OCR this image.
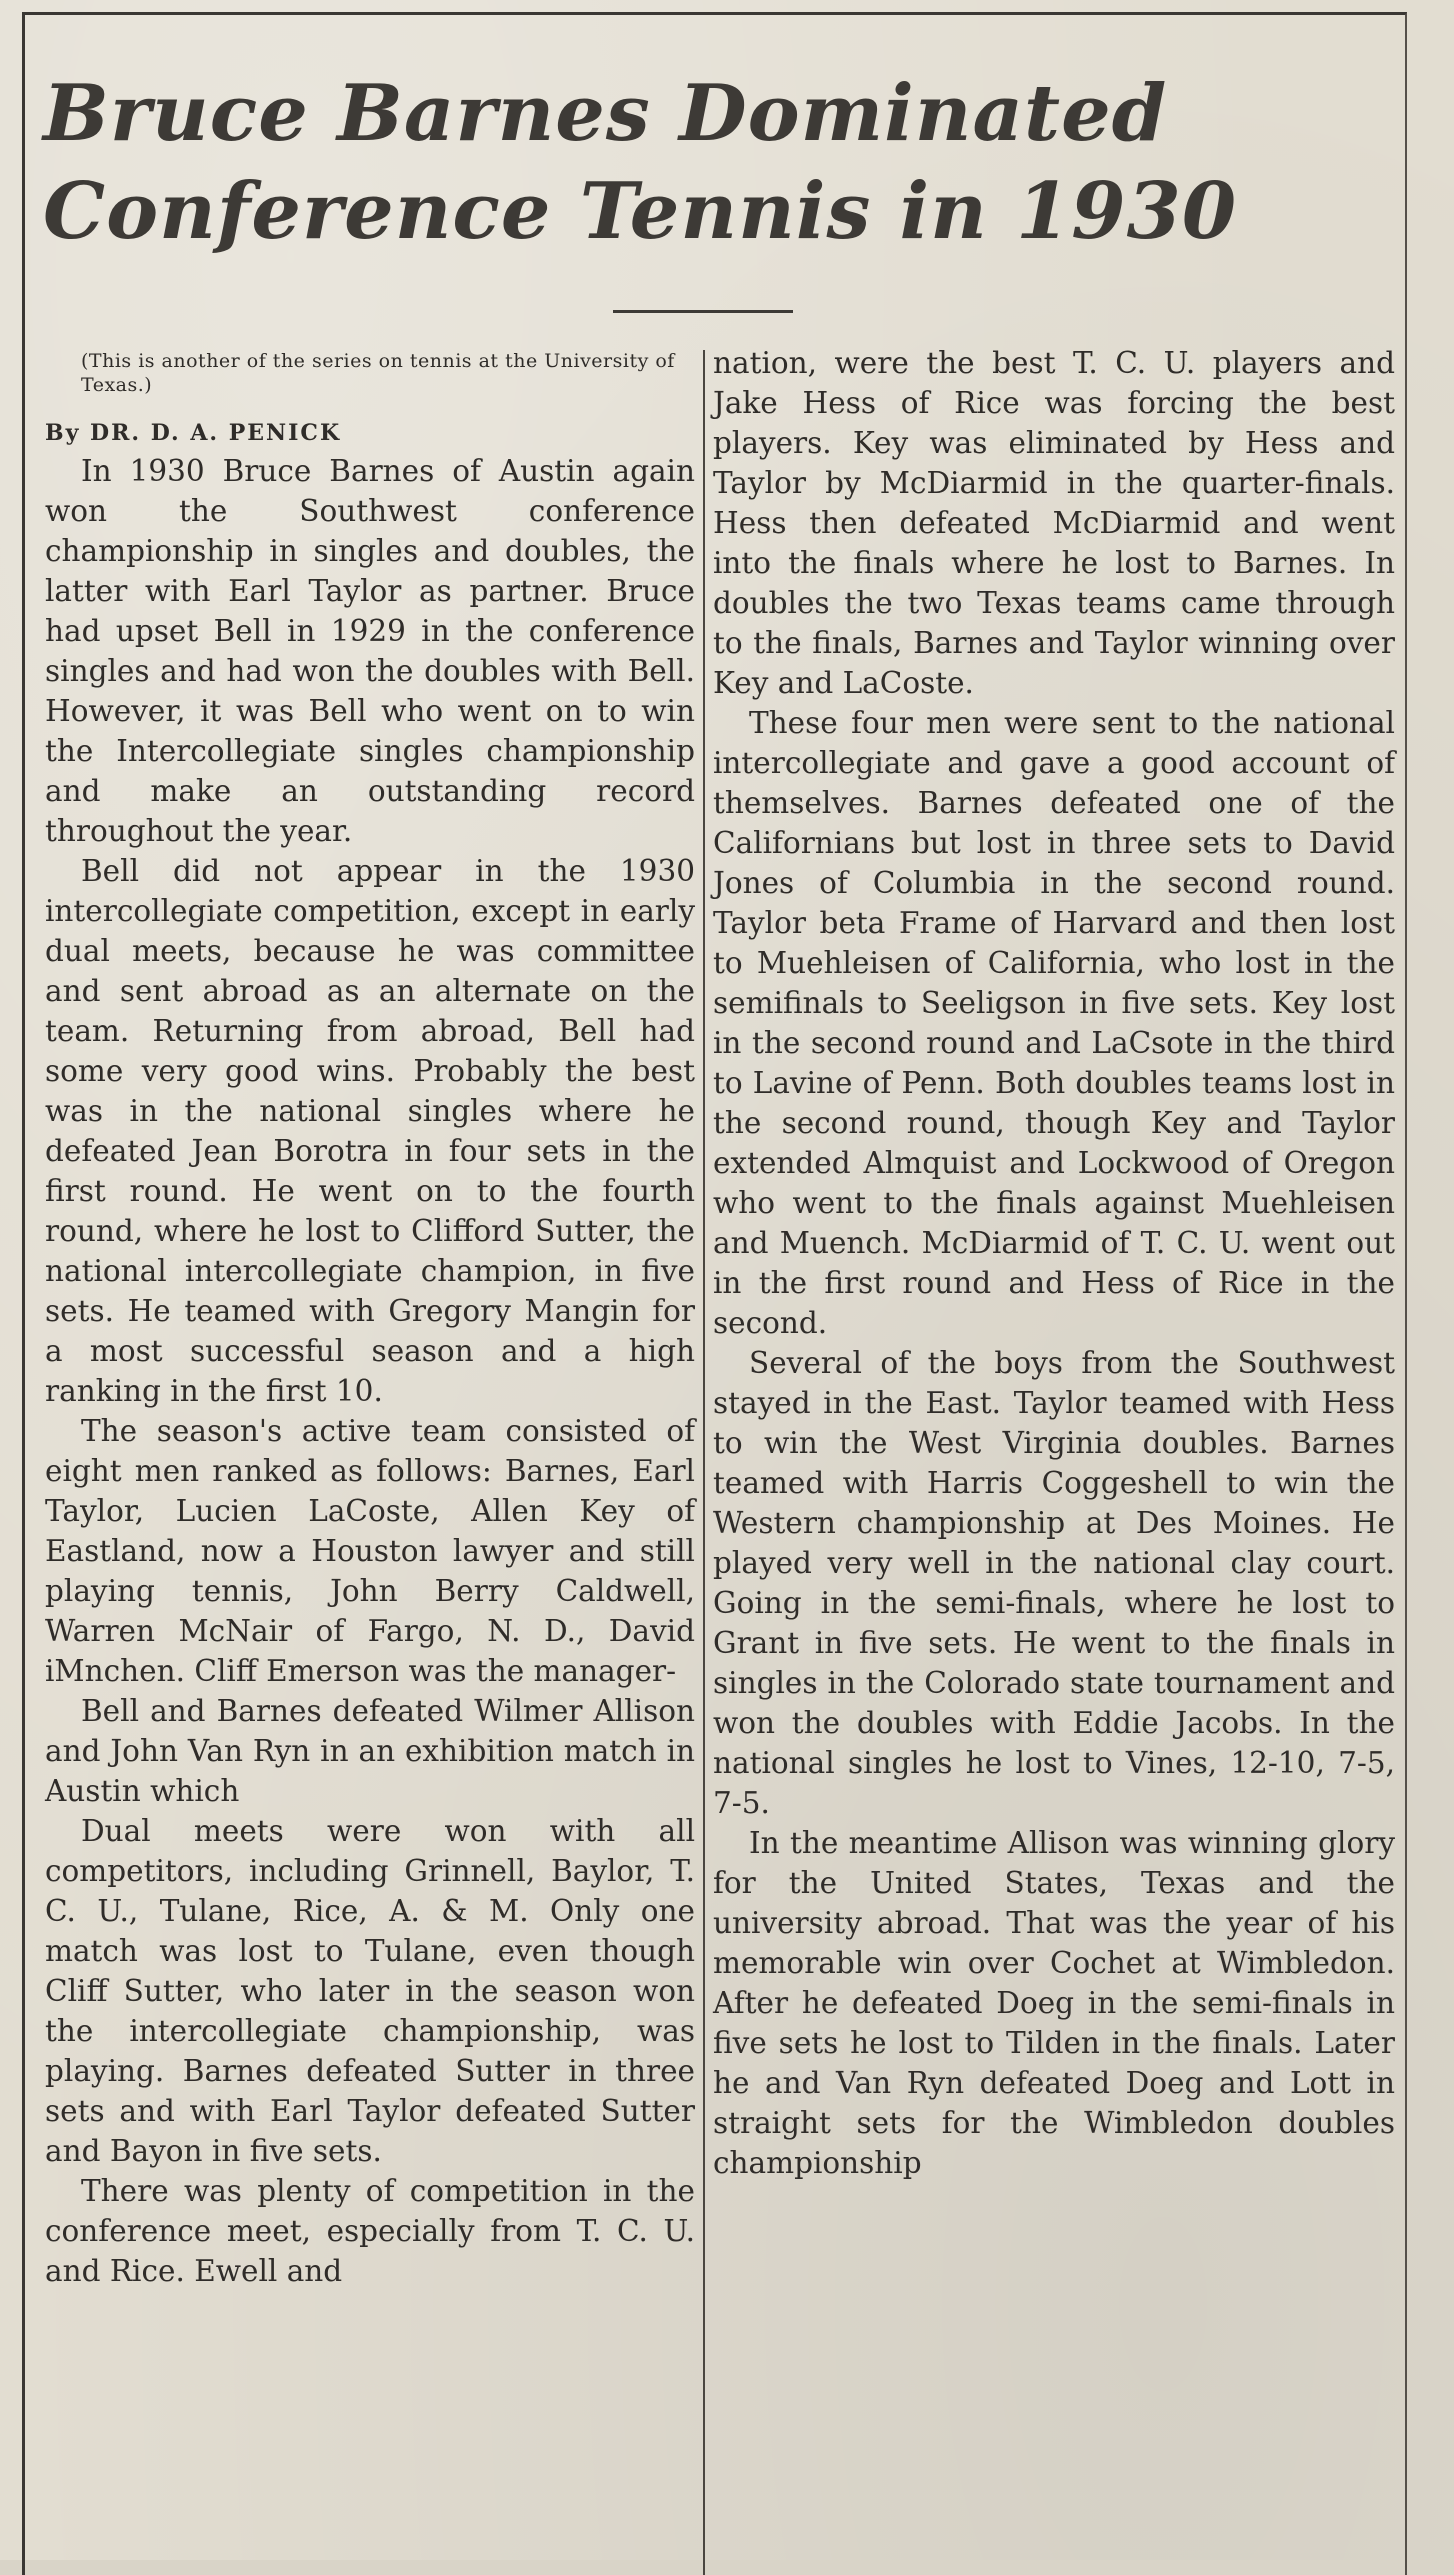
Bruce Barnes Dominated
Conference Tennis in 1930

(This is another of the series on tennis at the University of Texas.)

By DR. D. A. PENICK

In 1930 Bruce Barnes of Austin again won the Southwest conference championship in singles and doubles, the latter with Earl Taylor as partner. Bruce had upset Bell in 1929 in the conference singles and had won the doubles with Bell. However, it was Bell who went on to win the Intercollegiate singles championship and make an outstanding record throughout the year.

Bell did not appear in the 1930 intercollegiate competition, except in early dual meets, because he was committee and sent abroad as an alternate on the team. Returning from abroad, Bell had some very good wins. Probably the best was in the national singles where he defeated Jean Borotra in four sets in the first round. He went on to the fourth round, where he lost to Clifford Sutter, the national intercollegiate champion, in five sets. He teamed with Gregory Mangin for a most successful season and a high ranking in the first 10.

The season's active team consisted of eight men ranked as follows: Barnes, Earl Taylor, Lucien LaCoste, Allen Key of Eastland, now a Houston lawyer and still playing tennis, John Berry Caldwell, Warren McNair of Fargo, N. D., David iMnchen. Cliff Emerson was the manager-

Bell and Barnes defeated Wilmer Allison and John Van Ryn in an exhibition match in Austin which

Dual meets were won with all competitors, including Grinnell, Baylor, T. C. U., Tulane, Rice, A. & M. Only one match was lost to Tulane, even though Cliff Sutter, who later in the season won the intercollegiate championship, was playing. Barnes defeated Sutter in three sets and with Earl Taylor defeated Sutter and Bayon in five sets.

There was plenty of competition in the conference meet, especially from T. C. U. and Rice. Ewell and

nation, were the best T. C. U. players and Jake Hess of Rice was forcing the best players. Key was eliminated by Hess and Taylor by McDiarmid in the quarter-finals. Hess then defeated McDiarmid and went into the finals where he lost to Barnes. In doubles the two Texas teams came through to the finals, Barnes and Taylor winning over Key and LaCoste.

These four men were sent to the national intercollegiate and gave a good account of themselves. Barnes defeated one of the Californians but lost in three sets to David Jones of Columbia in the second round. Taylor beta Frame of Harvard and then lost to Muehleisen of California, who lost in the semifinals to Seeligson in five sets. Key lost in the second round and LaCsote in the third to Lavine of Penn. Both doubles teams lost in the second round, though Key and Taylor extended Almquist and Lockwood of Oregon who went to the finals against Muehleisen and Muench. McDiarmid of T. C. U. went out in the first round and Hess of Rice in the second.

Several of the boys from the Southwest stayed in the East. Taylor teamed with Hess to win the West Virginia doubles. Barnes teamed with Harris Coggeshell to win the Western championship at Des Moines. He played very well in the national clay court. Going in the semi-finals, where he lost to Grant in five sets. He went to the finals in singles in the Colorado state tournament and won the doubles with Eddie Jacobs. In the national singles he lost to Vines, 12-10, 7-5, 7-5.

In the meantime Allison was winning glory for the United States, Texas and the university abroad. That was the year of his memorable win over Cochet at Wimbledon. After he defeated Doeg in the semi-finals in five sets he lost to Tilden in the finals. Later he and Van Ryn defeated Doeg and Lott in straight sets for the Wimbledon doubles championship
